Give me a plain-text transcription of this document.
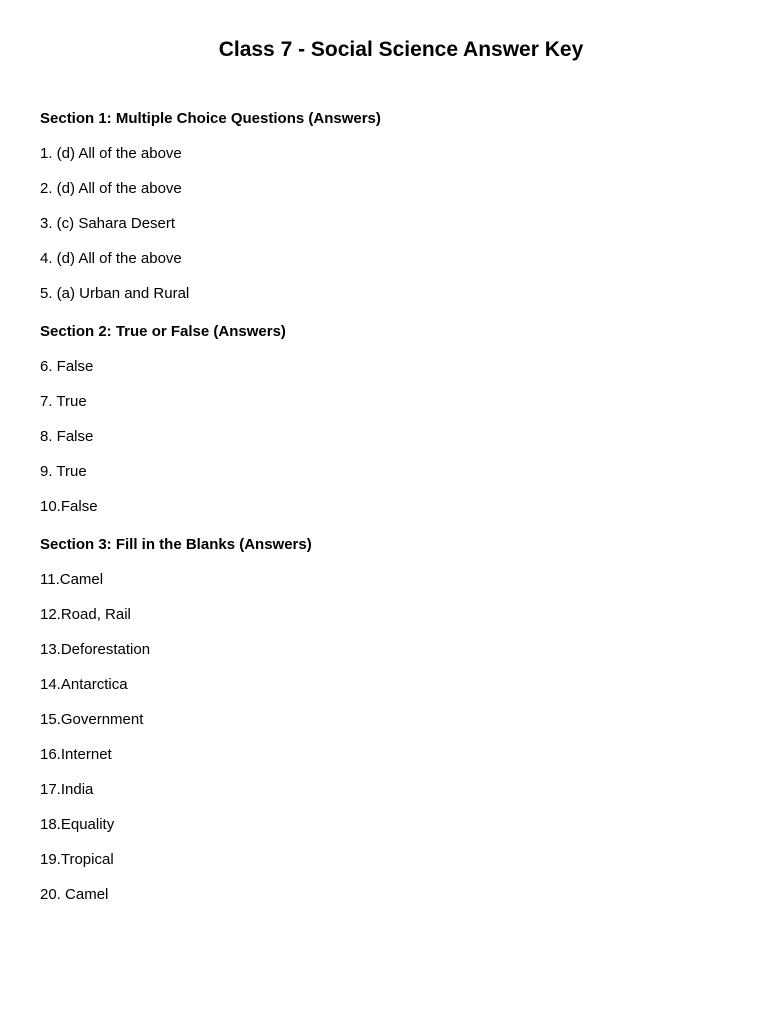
Class 7 - Social Science Answer Key
Section 1: Multiple Choice Questions (Answers)
1. (d) All of the above
2. (d) All of the above
3. (c) Sahara Desert
4. (d) All of the above
5. (a) Urban and Rural
Section 2: True or False (Answers)
6. False
7. True
8. False
9. True
10.False
Section 3: Fill in the Blanks (Answers)
11.Camel
12.Road, Rail
13.Deforestation
14.Antarctica
15.Government
16.Internet
17.India
18.Equality
19.Tropical
20. Camel
